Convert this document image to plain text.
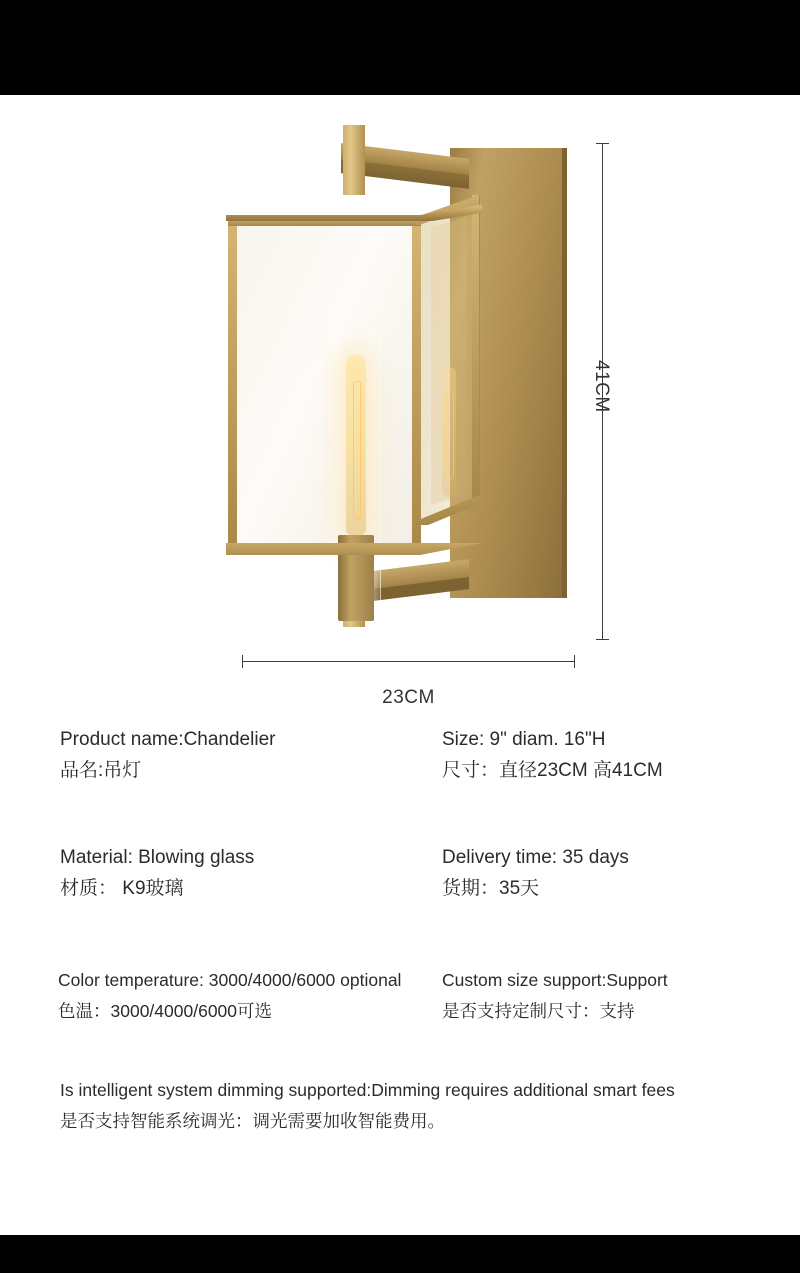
41CM
23CM
Product name:Chandelier
品名:吊灯
Size: 9" diam. 16"H
尺寸：直径23CM 高41CM
Material: Blowing glass
材质： K9玻璃
Delivery time: 35 days
货期：35天
Color temperature: 3000/4000/6000 optional
色温：3000/4000/6000可选
Custom size support:Support
是否支持定制尺寸：支持
Is intelligent system dimming supported:Dimming requires additional smart fees
是否支持智能系统调光：调光需要加收智能费用。
